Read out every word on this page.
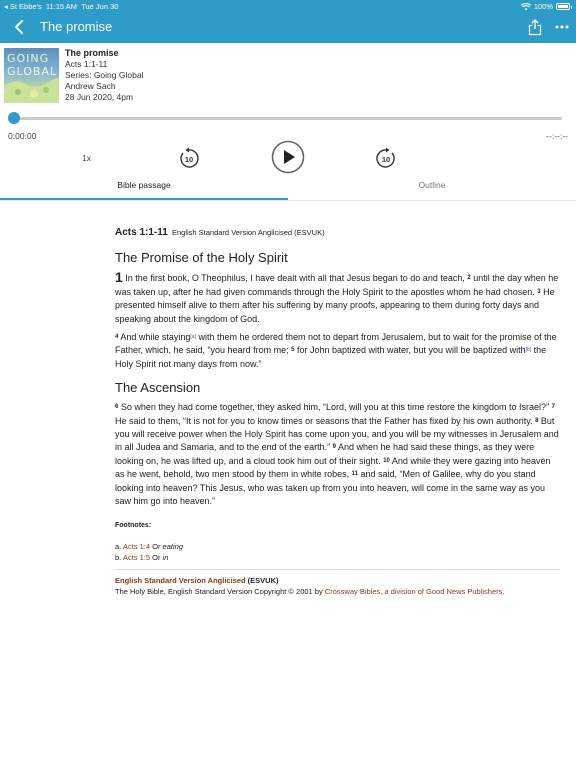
◂ St Ebbe's 11:15 AM Tue Jun 30	100%
The promise
GOING
GLOBAL
The promise
Acts 1:1-11
Series: Going Global
Andrew Sach
28 Jun 2020, 4pm
0:00:00	--:--:--
1x	10	10
Bible passage	Outline
Acts 1:1-11 English Standard Version Anglicised (ESVUK)
The Promise of the Holy Spirit

1 In the first book, O Theophilus, I have dealt with all that Jesus began to do and teach, $^2$ until the day when he was taken up, after he had given commands through the Holy Spirit to the apostles whom he had chosen. $^3$ He presented himself alive to them after his suffering by many proofs, appearing to them during forty days and speaking about the kingdom of God.

$^4$ And while staying[a] with them he ordered them not to depart from Jerusalem, but to wait for the promise of the Father, which, he said, “you heard from me; $^5$ for John baptized with water, but you will be baptized with[b] the Holy Spirit not many days from now.”

The Ascension

$^6$ So when they had come together, they asked him, “Lord, will you at this time restore the kingdom to Israel?” $^7$ He said to them, “It is not for you to know times or seasons that the Father has fixed by his own authority. $^8$ But you will receive power when the Holy Spirit has come upon you, and you will be my witnesses in Jerusalem and in all Judea and Samaria, and to the end of the earth.” $^9$ And when he had said these things, as they were looking on, he was lifted up, and a cloud took him out of their sight. $^{10}$ And while they were gazing into heaven as he went, behold, two men stood by them in white robes, $^{11}$ and said, “Men of Galilee, why do you stand looking into heaven? This Jesus, who was taken up from you into heaven, will come in the same way as you saw him go into heaven.”

Footnotes:
a. Acts 1:4 Or eating
b. Acts 1:5 Or in
English Standard Version Anglicised (ESVUK)
The Holy Bible, English Standard Version Copyright © 2001 by Crossway Bibles, a division of Good News Publishers.
